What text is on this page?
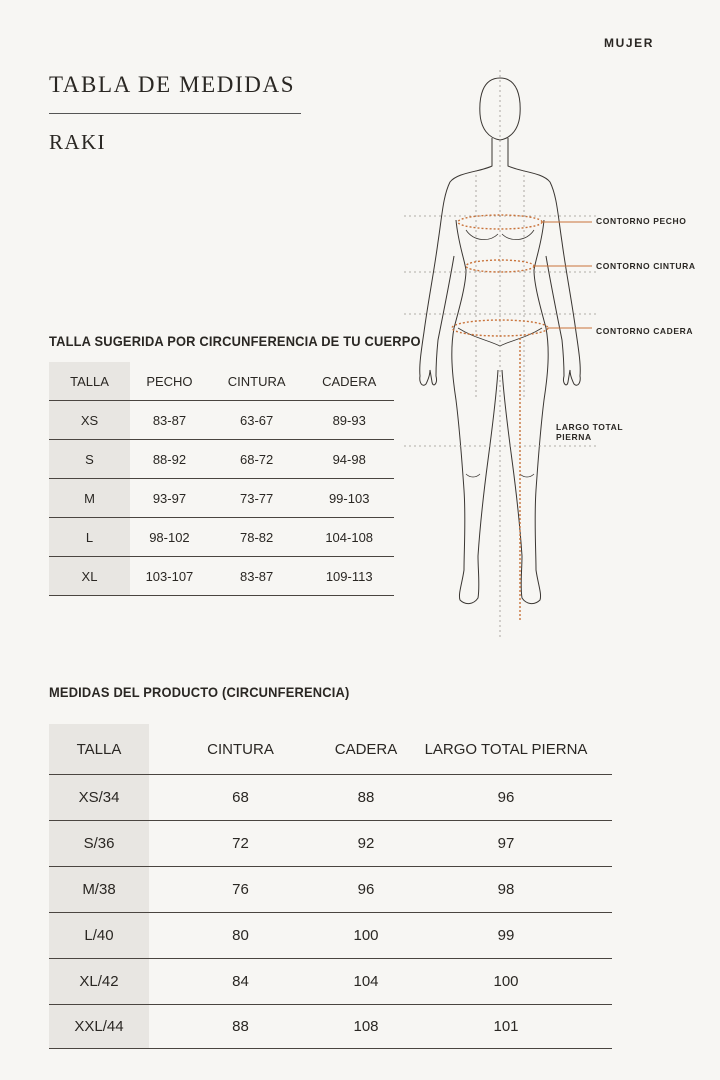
MUJER
TABLA DE MEDIDAS
RAKI
TALLA SUGERIDA POR CIRCUNFERENCIA DE TU CUERPO
TALLA	PECHO	CINTURA	CADERA
XS	83-87	63-67	89-93
S	88-92	68-72	94-98
M	93-97	73-77	99-103
L	98-102	78-82	104-108
XL	103-107	83-87	109-113
CONTORNO PECHO
CONTORNO CINTURA
CONTORNO CADERA
LARGO TOTAL
PIERNA
MEDIDAS DEL PRODUCTO (CIRCUNFERENCIA)
TALLA	CINTURA	CADERA	LARGO TOTAL PIERNA
XS/34	68	88	96
S/36	72	92	97
M/38	76	96	98
L/40	80	100	99
XL/42	84	104	100
XXL/44	88	108	101
